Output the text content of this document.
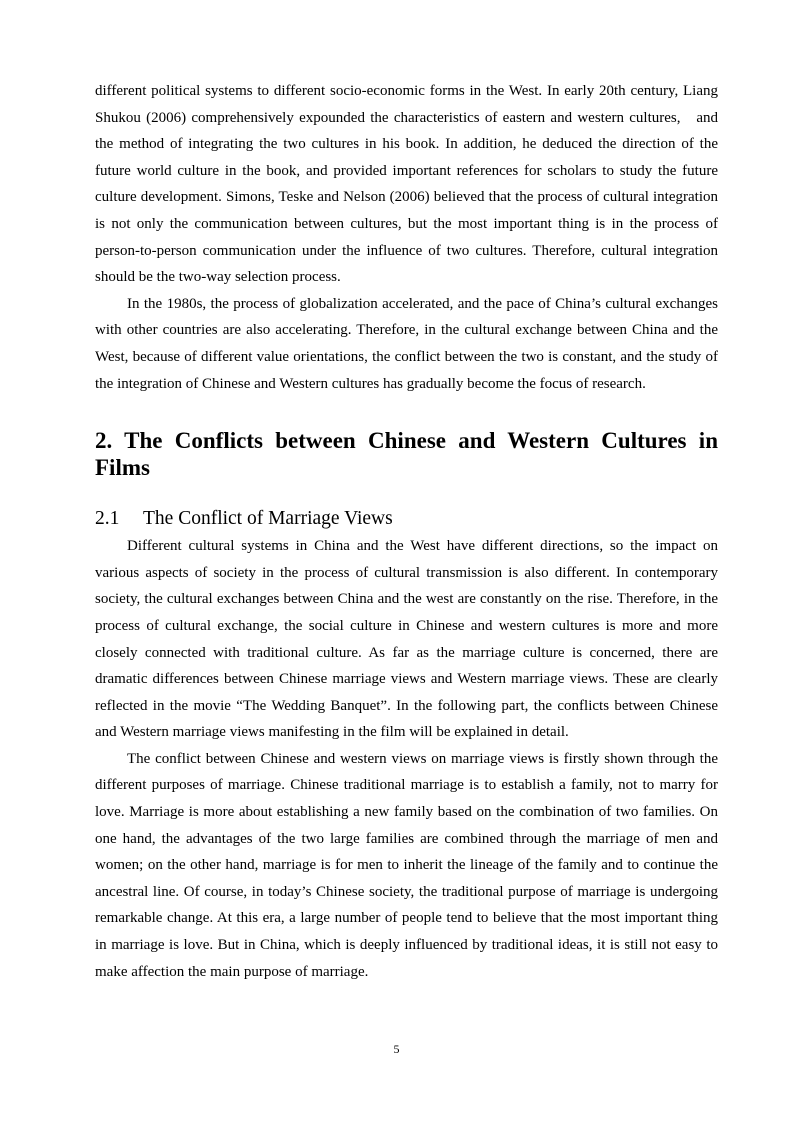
different political systems to different socio-economic forms in the West. In early 20th century, Liang Shukou (2006) comprehensively expounded the characteristics of eastern and western cultures,   and the method of integrating the two cultures in his book. In addition, he deduced the direction of the future world culture in the book, and provided important references for scholars to study the future culture development. Simons, Teske and Nelson (2006) believed that the process of cultural integration is not only the communication between cultures, but the most important thing is in the process of person-to-person communication under the influence of two cultures. Therefore, cultural integration should be the two-way selection process.

In the 1980s, the process of globalization accelerated, and the pace of China’s cultural exchanges with other countries are also accelerating. Therefore, in the cultural exchange between China and the West, because of different value orientations, the conflict between the two is constant, and the study of the integration of Chinese and Western cultures has gradually become the focus of research.

2. The Conflicts between Chinese and Western Cultures in Films
2.1	The Conflict of Marriage Views

Different cultural systems in China and the West have different directions, so the impact on various aspects of society in the process of cultural transmission is also different. In contemporary society, the cultural exchanges between China and the west are constantly on the rise. Therefore, in the process of cultural exchange, the social culture in Chinese and western cultures is more and more closely connected with traditional culture. As far as the marriage culture is concerned, there are dramatic differences between Chinese marriage views and Western marriage views. These are clearly reflected in the movie “The Wedding Banquet”. In the following part, the conflicts between Chinese and Western marriage views manifesting in the film will be explained in detail.

The conflict between Chinese and western views on marriage views is firstly shown through the different purposes of marriage. Chinese traditional marriage is to establish a family, not to marry for love. Marriage is more about establishing a new family based on the combination of two families. On one hand, the advantages of the two large families are combined through the marriage of men and women; on the other hand, marriage is for men to inherit the lineage of the family and to continue the ancestral line. Of course, in today’s Chinese society, the traditional purpose of marriage is undergoing remarkable change. At this era, a large number of people tend to believe that the most important thing in marriage is love. But in China, which is deeply influenced by traditional ideas, it is still not easy to make affection the main purpose of marriage.

5
